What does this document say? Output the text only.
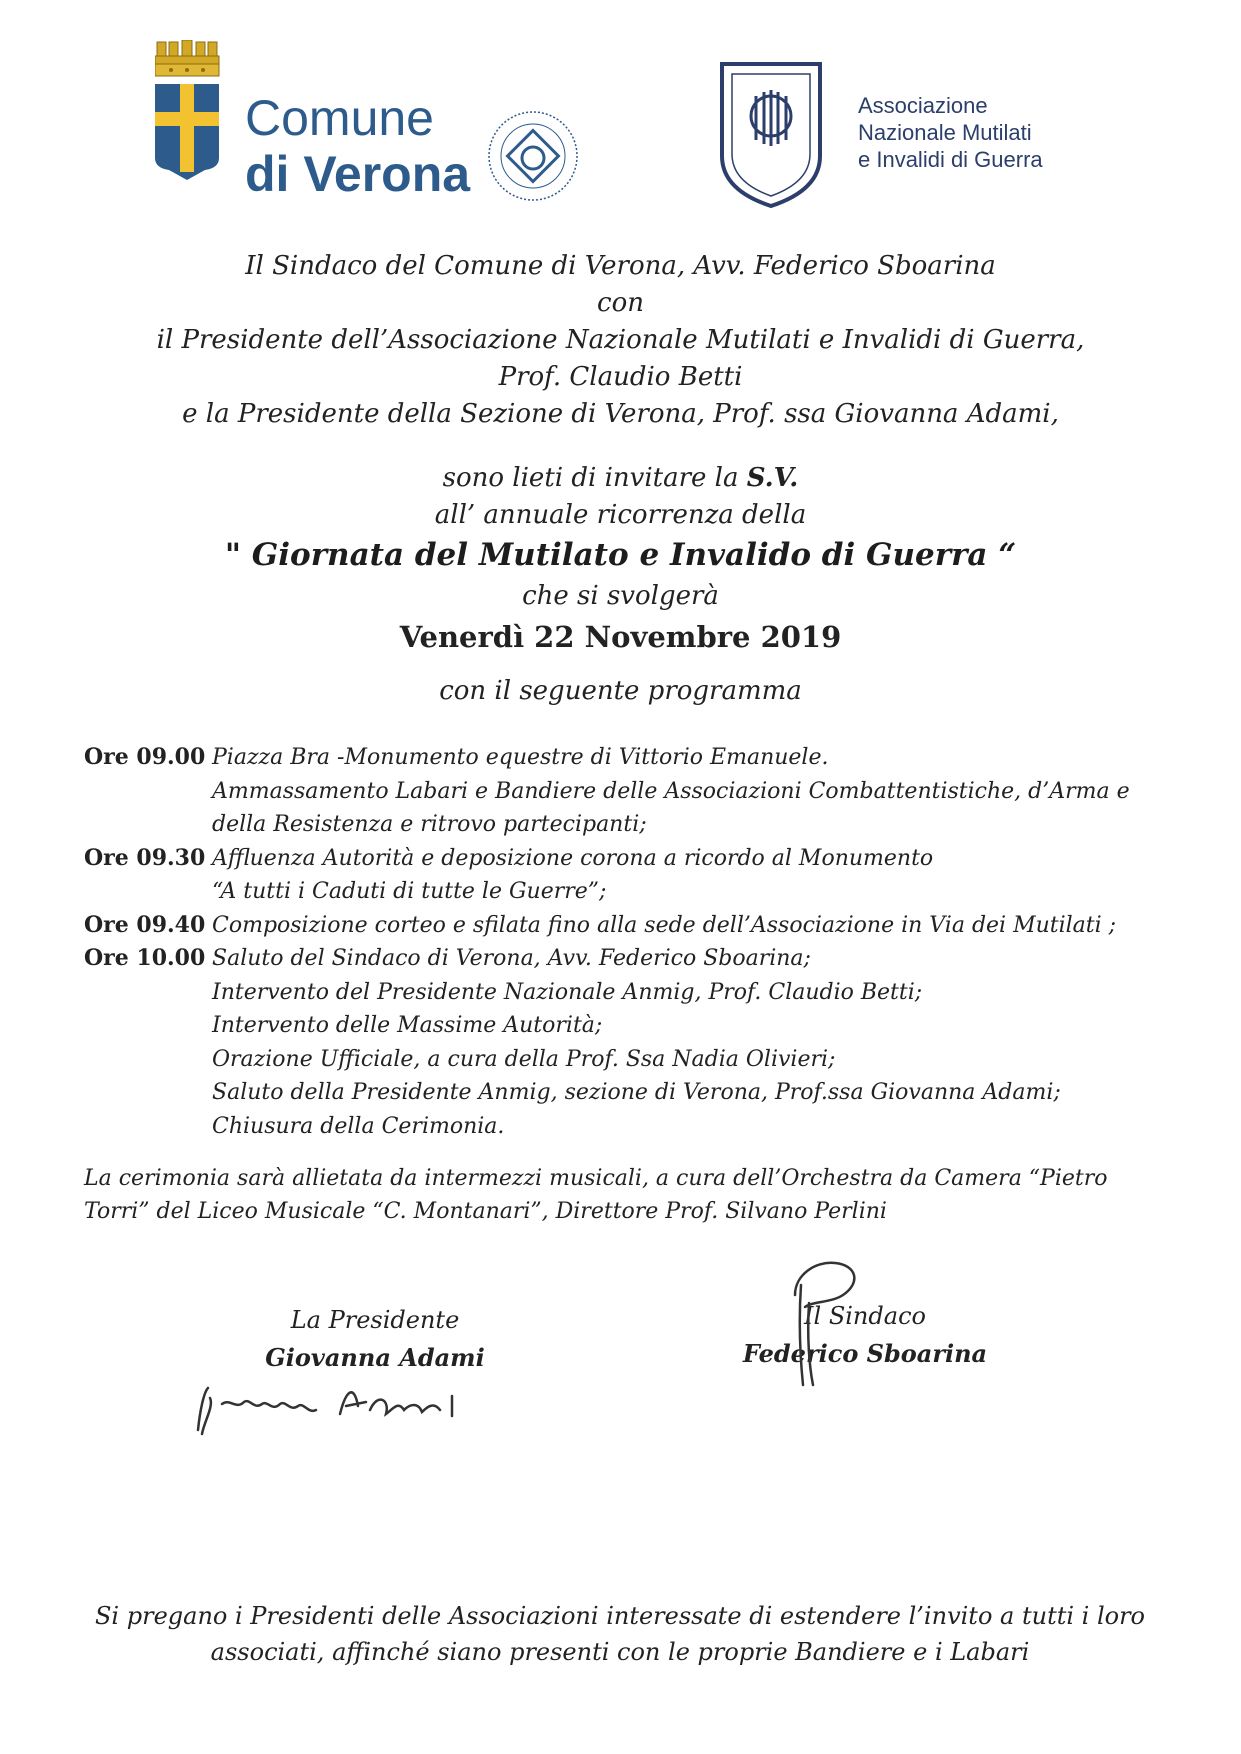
Comune
di Verona
Associazione
Nazionale Mutilati
e Invalidi di Guerra
Il Sindaco del Comune di Verona, Avv. Federico Sboarina
con
il Presidente dell’Associazione Nazionale Mutilati e Invalidi di Guerra,
Prof. Claudio Betti
e la Presidente della Sezione di Verona, Prof. ssa Giovanna Adami,
sono lieti di invitare la S.V.
all’ annuale ricorrenza della
" Giornata del Mutilato e Invalido di Guerra “
che si svolgerà
Venerdì 22 Novembre 2019
con il seguente programma
Ore 09.00 Piazza Bra -Monumento equestre di Vittorio Emanuele.
Ammassamento Labari e Bandiere delle Associazioni Combattentistiche, d’Arma e
della Resistenza e ritrovo partecipanti;
Ore 09.30 Affluenza Autorità e deposizione corona a ricordo al Monumento
“A tutti i Caduti di tutte le Guerre”;
Ore 09.40 Composizione corteo e sfilata fino alla sede dell’Associazione in Via dei Mutilati ;
Ore 10.00 Saluto del Sindaco di Verona, Avv. Federico Sboarina;
Intervento del Presidente Nazionale Anmig, Prof. Claudio Betti;
Intervento delle Massime Autorità;
Orazione Ufficiale, a cura della Prof. Ssa Nadia Olivieri;
Saluto della Presidente Anmig, sezione di Verona, Prof.ssa Giovanna Adami;
Chiusura della Cerimonia.
La cerimonia sarà allietata da intermezzi musicali, a cura dell’Orchestra da Camera “Pietro
Torri” del Liceo Musicale “C. Montanari”, Direttore Prof. Silvano Perlini
La Presidente
Giovanna Adami
Il Sindaco
Federico Sboarina
Si pregano i Presidenti delle Associazioni interessate di estendere l’invito a tutti i loro
associati, affinché siano presenti con le proprie Bandiere e i Labari
